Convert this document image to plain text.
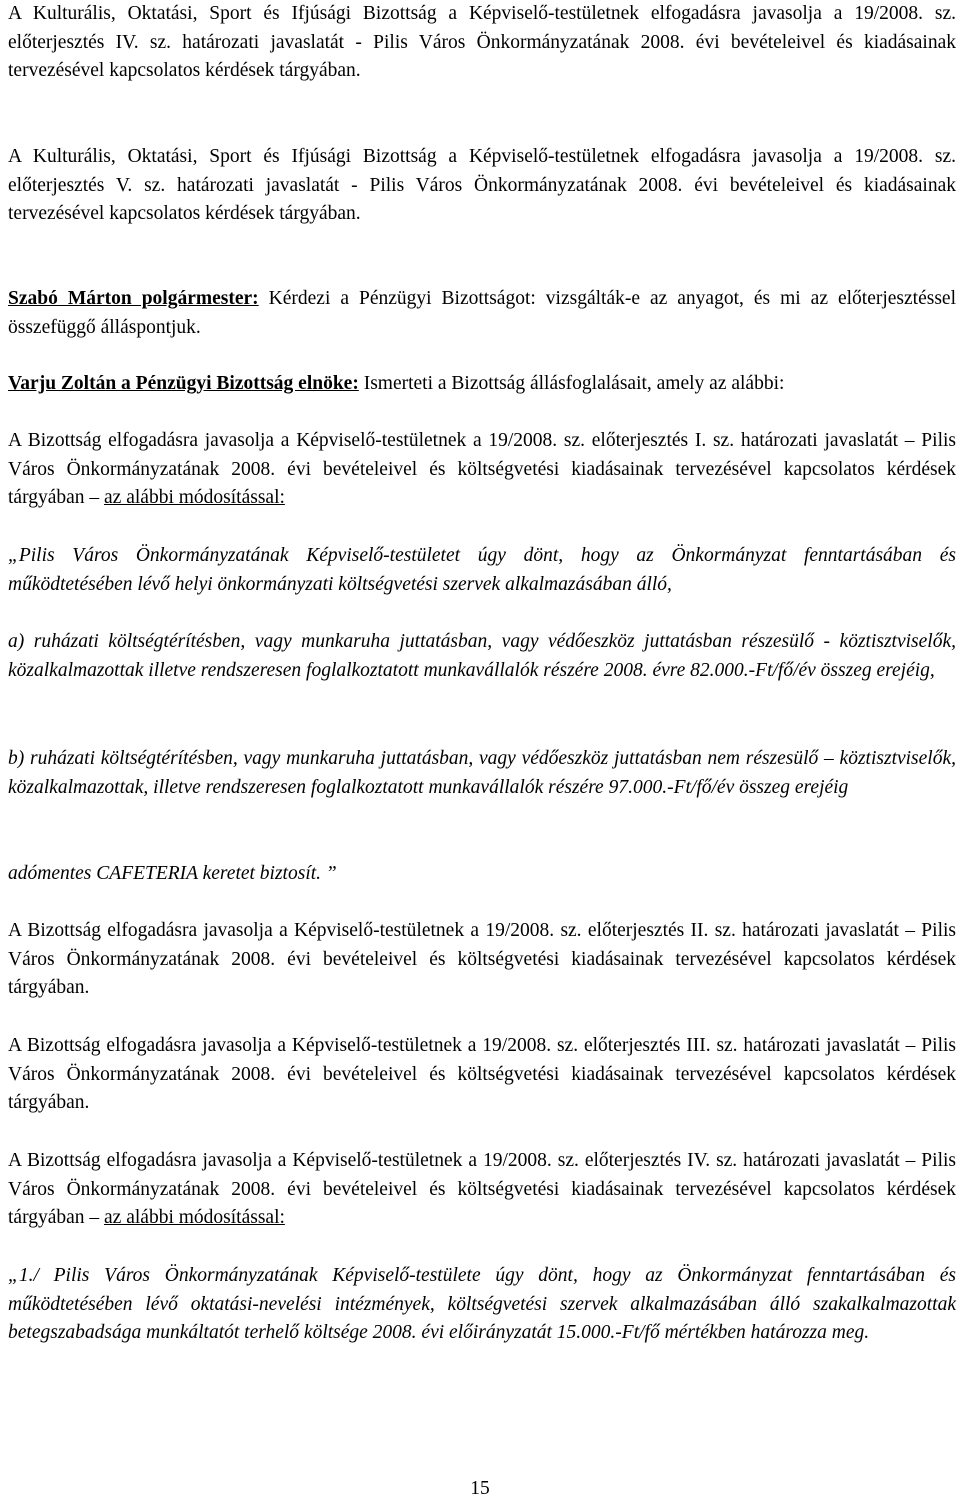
A Kulturális, Oktatási, Sport és Ifjúsági Bizottság a Képviselő-testületnek elfogadásra javasolja a 19/2008. sz. előterjesztés IV. sz. határozati javaslatát - Pilis Város Önkormányzatának 2008. évi bevételeivel és kiadásainak tervezésével kapcsolatos kérdések tárgyában.

A Kulturális, Oktatási, Sport és Ifjúsági Bizottság a Képviselő-testületnek elfogadásra javasolja a 19/2008. sz. előterjesztés V. sz. határozati javaslatát - Pilis Város Önkormányzatának 2008. évi bevételeivel és kiadásainak tervezésével kapcsolatos kérdések tárgyában.

Szabó Márton polgármester: Kérdezi a Pénzügyi Bizottságot: vizsgálták-e az anyagot, és mi az előterjesztéssel összefüggő álláspontjuk.

Varju Zoltán a Pénzügyi Bizottság elnöke: Ismerteti a Bizottság állásfoglalásait, amely az alábbi:

A Bizottság elfogadásra javasolja a Képviselő-testületnek a 19/2008. sz. előterjesztés I. sz. határozati javaslatát – Pilis Város Önkormányzatának 2008. évi bevételeivel és költségvetési kiadásainak tervezésével kapcsolatos kérdések tárgyában – az alábbi módosítással:

„Pilis Város Önkormányzatának Képviselő-testületet úgy dönt, hogy az Önkormányzat fenntartásában és működtetésében lévő helyi önkormányzati költségvetési szervek alkalmazásában álló,

a) ruházati költségtérítésben, vagy munkaruha juttatásban, vagy védőeszköz juttatásban részesülő - köztisztviselők, közalkalmazottak illetve rendszeresen foglalkoztatott munkavállalók részére 2008. évre 82.000.-Ft/fő/év összeg erejéig,

b) ruházati költségtérítésben, vagy munkaruha juttatásban, vagy védőeszköz juttatásban nem részesülő – köztisztviselők, közalkalmazottak, illetve rendszeresen foglalkoztatott munkavállalók részére 97.000.-Ft/fő/év összeg erejéig

adómentes CAFETERIA keretet biztosít. ”

A Bizottság elfogadásra javasolja a Képviselő-testületnek a 19/2008. sz. előterjesztés II. sz. határozati javaslatát – Pilis Város Önkormányzatának 2008. évi bevételeivel és költségvetési kiadásainak tervezésével kapcsolatos kérdések tárgyában.

A Bizottság elfogadásra javasolja a Képviselő-testületnek a 19/2008. sz. előterjesztés III. sz. határozati javaslatát – Pilis Város Önkormányzatának 2008. évi bevételeivel és költségvetési kiadásainak tervezésével kapcsolatos kérdések tárgyában.

A Bizottság elfogadásra javasolja a Képviselő-testületnek a 19/2008. sz. előterjesztés IV. sz. határozati javaslatát – Pilis Város Önkormányzatának 2008. évi bevételeivel és költségvetési kiadásainak tervezésével kapcsolatos kérdések tárgyában – az alábbi módosítással:

„1./ Pilis Város Önkormányzatának Képviselő-testülete úgy dönt, hogy az Önkormányzat fenntartásában és működtetésében lévő oktatási-nevelési intézmények, költségvetési szervek alkalmazásában álló szakalkalmazottak betegszabadsága munkáltatót terhelő költsége 2008. évi előirányzatát 15.000.-Ft/fő mértékben határozza meg.

15
